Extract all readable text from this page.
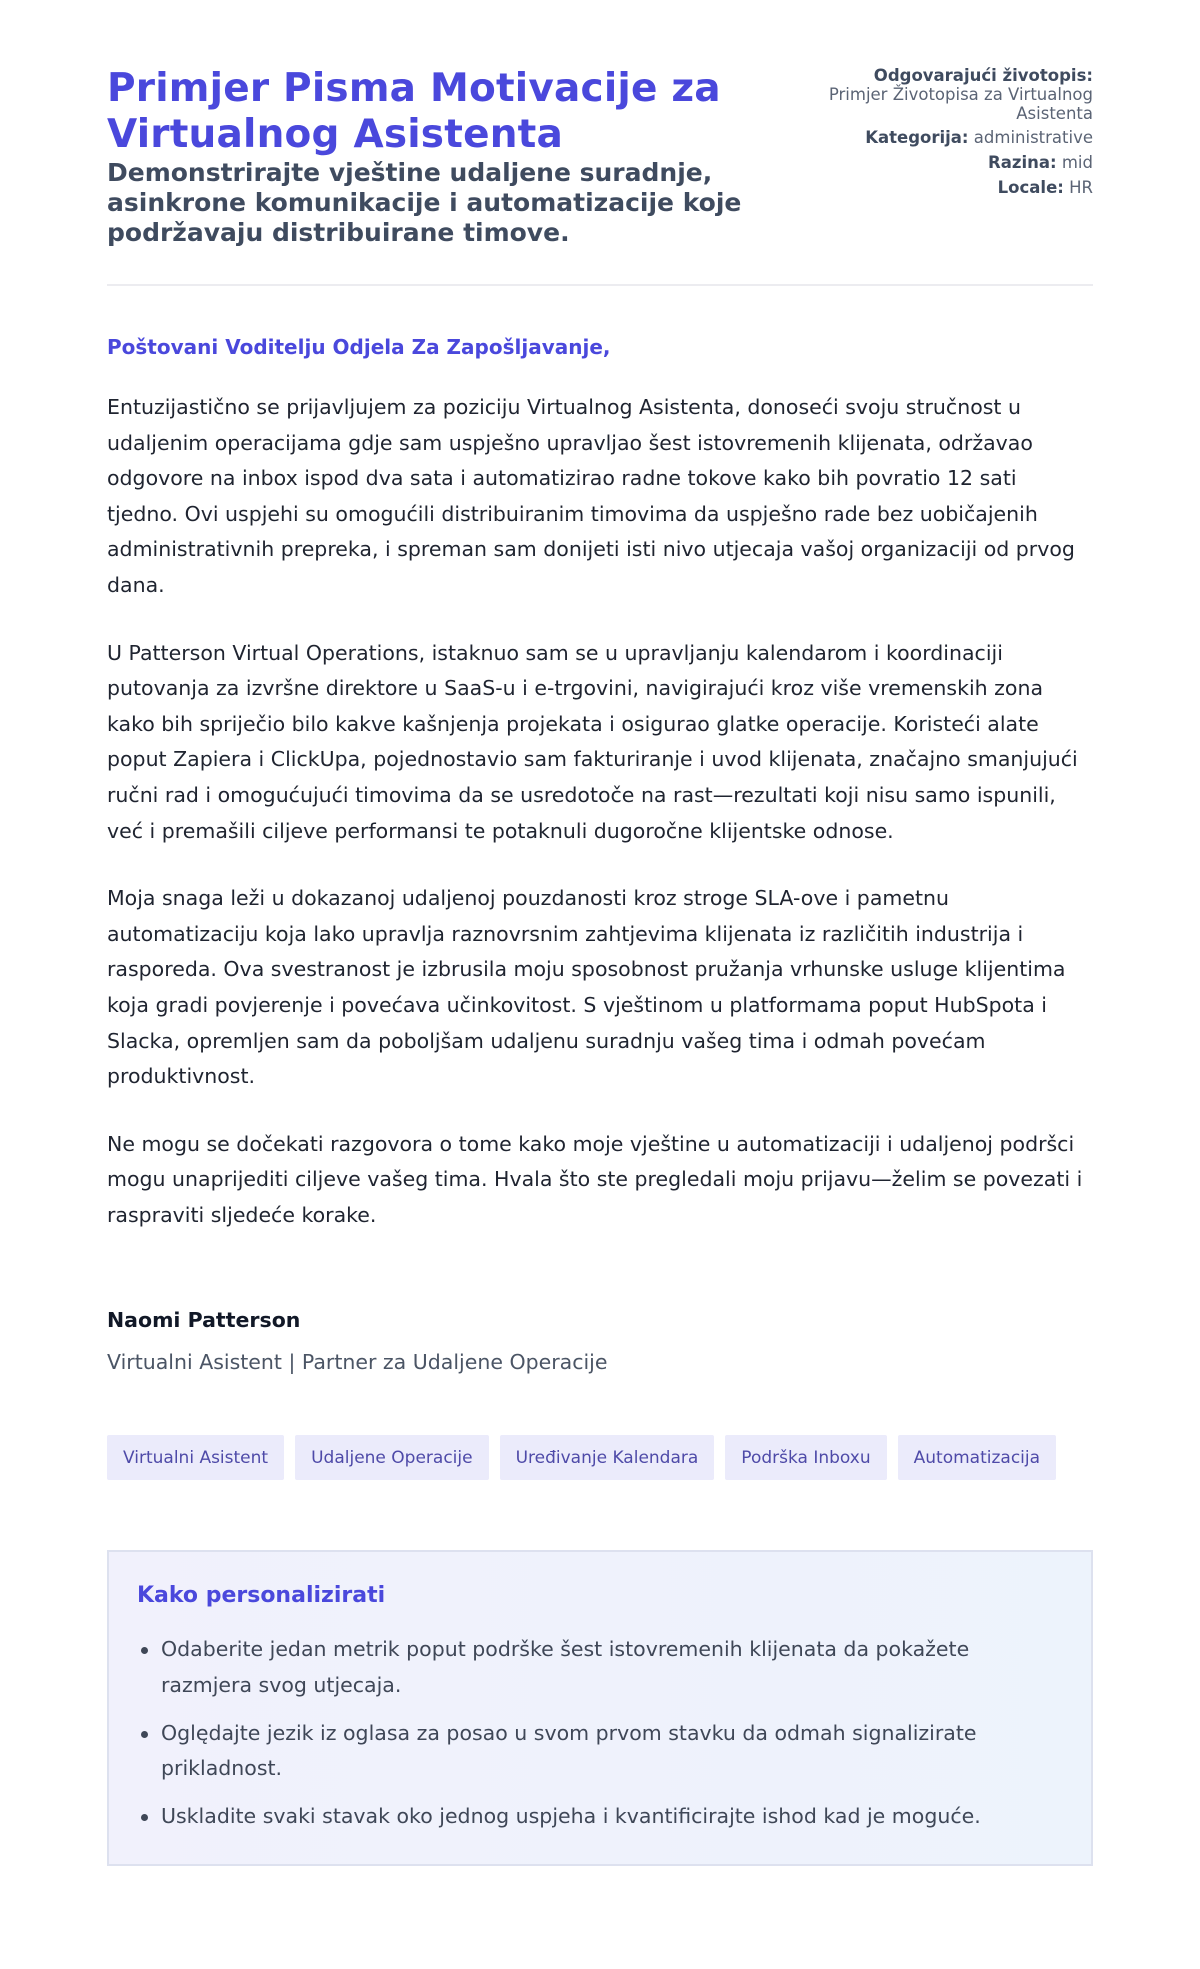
Primjer Pisma Motivacije za Virtualnog Asistenta
Demonstrirajte vještine udaljene suradnje, asinkrone komunikacije i automatizacije koje podržavaju distribuirane timove.
Odgovarajući životopis:
Primjer Životopisa za Virtualnog Asistenta
Kategorija: administrative
Razina: mid
Locale: HR

Poštovani Voditelju Odjela Za Zapošljavanje,

Entuzijastično se prijavljujem za poziciju Virtualnog Asistenta, donoseći svoju stručnost u udaljenim operacijama gdje sam uspješno upravljao šest istovremenih klijenata, održavao odgovore na inbox ispod dva sata i automatizirao radne tokove kako bih povratio 12 sati tjedno. Ovi uspjehi su omogućili distribuiranim timovima da uspješno rade bez uobičajenih administrativnih prepreka, i spreman sam donijeti isti nivo utjecaja vašoj organizaciji od prvog dana.

U Patterson Virtual Operations, istaknuo sam se u upravljanju kalendarom i koordinaciji putovanja za izvršne direktore u SaaS-u i e-trgovini, navigirajući kroz više vremenskih zona kako bih spriječio bilo kakve kašnjenja projekata i osigurao glatke operacije. Koristeći alate poput Zapiera i ClickUpa, pojednostavio sam fakturiranje i uvod klijenata, značajno smanjujući ručni rad i omogućujući timovima da se usredotoče na rast—rezultati koji nisu samo ispunili, već i premašili ciljeve performansi te potaknuli dugoročne klijentske odnose.

Moja snaga leži u dokazanoj udaljenoj pouzdanosti kroz stroge SLA-ove i pametnu automatizaciju koja lako upravlja raznovrsnim zahtjevima klijenata iz različitih industrija i rasporeda. Ova svestranost je izbrusila moju sposobnost pružanja vrhunske usluge klijentima koja gradi povjerenje i povećava učinkovitost. S vještinom u platformama poput HubSpota i Slacka, opremljen sam da poboljšam udaljenu suradnju vašeg tima i odmah povećam produktivnost.

Ne mogu se dočekati razgovora o tome kako moje vještine u automatizaciji i udaljenoj podršci mogu unaprijediti ciljeve vašeg tima. Hvala što ste pregledali moju prijavu—želim se povezati i raspraviti sljedeće korake.

Naomi Patterson

Virtualni Asistent | Partner za Udaljene Operacije

Virtualni Asistent	Udaljene Operacije	Uređivanje Kalendara	Podrška Inboxu	Automatizacija
Kako personalizirati
Odaberite jedan metrik poput podrške šest istovremenih klijenata da pokažete razmjera svog utjecaja.
Oględajte jezik iz oglasa za posao u svom prvom stavku da odmah signalizirate prikladnost.
Uskladite svaki stavak oko jednog uspjeha i kvantificirajte ishod kad je moguće.
